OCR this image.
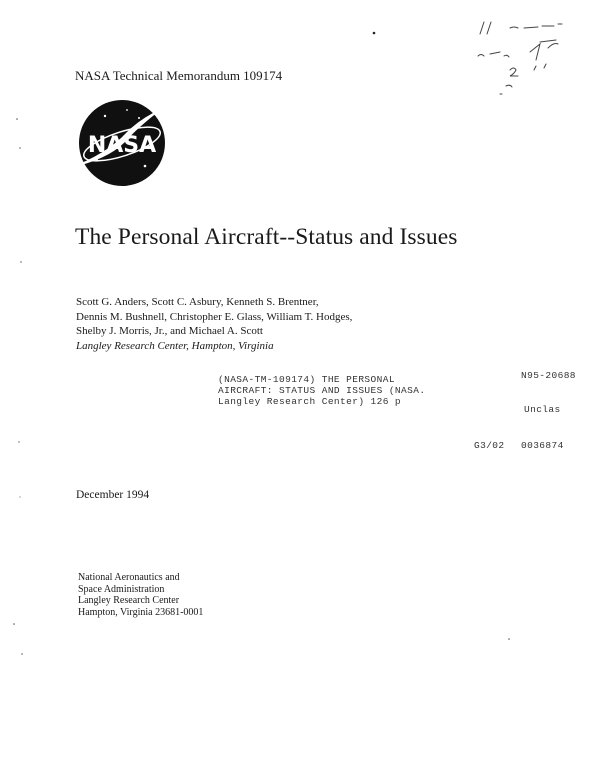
NASA Technical Memorandum 109174
NASA
The Personal Aircraft--Status and Issues
Scott G. Anders, Scott C. Asbury, Kenneth S. Brentner,
Dennis M. Bushnell, Christopher E. Glass, William T. Hodges,
Shelby J. Morris, Jr., and Michael A. Scott
Langley Research Center, Hampton, Virginia
(NASA-TM-109174) THE PERSONAL
AIRCRAFT: STATUS AND ISSUES (NASA.
Langley Research Center) 126 p
N95-20688
Unclas
G3/02 0036874
December 1994
National Aeronautics and
Space Administration
Langley Research Center
Hampton, Virginia 23681-0001
